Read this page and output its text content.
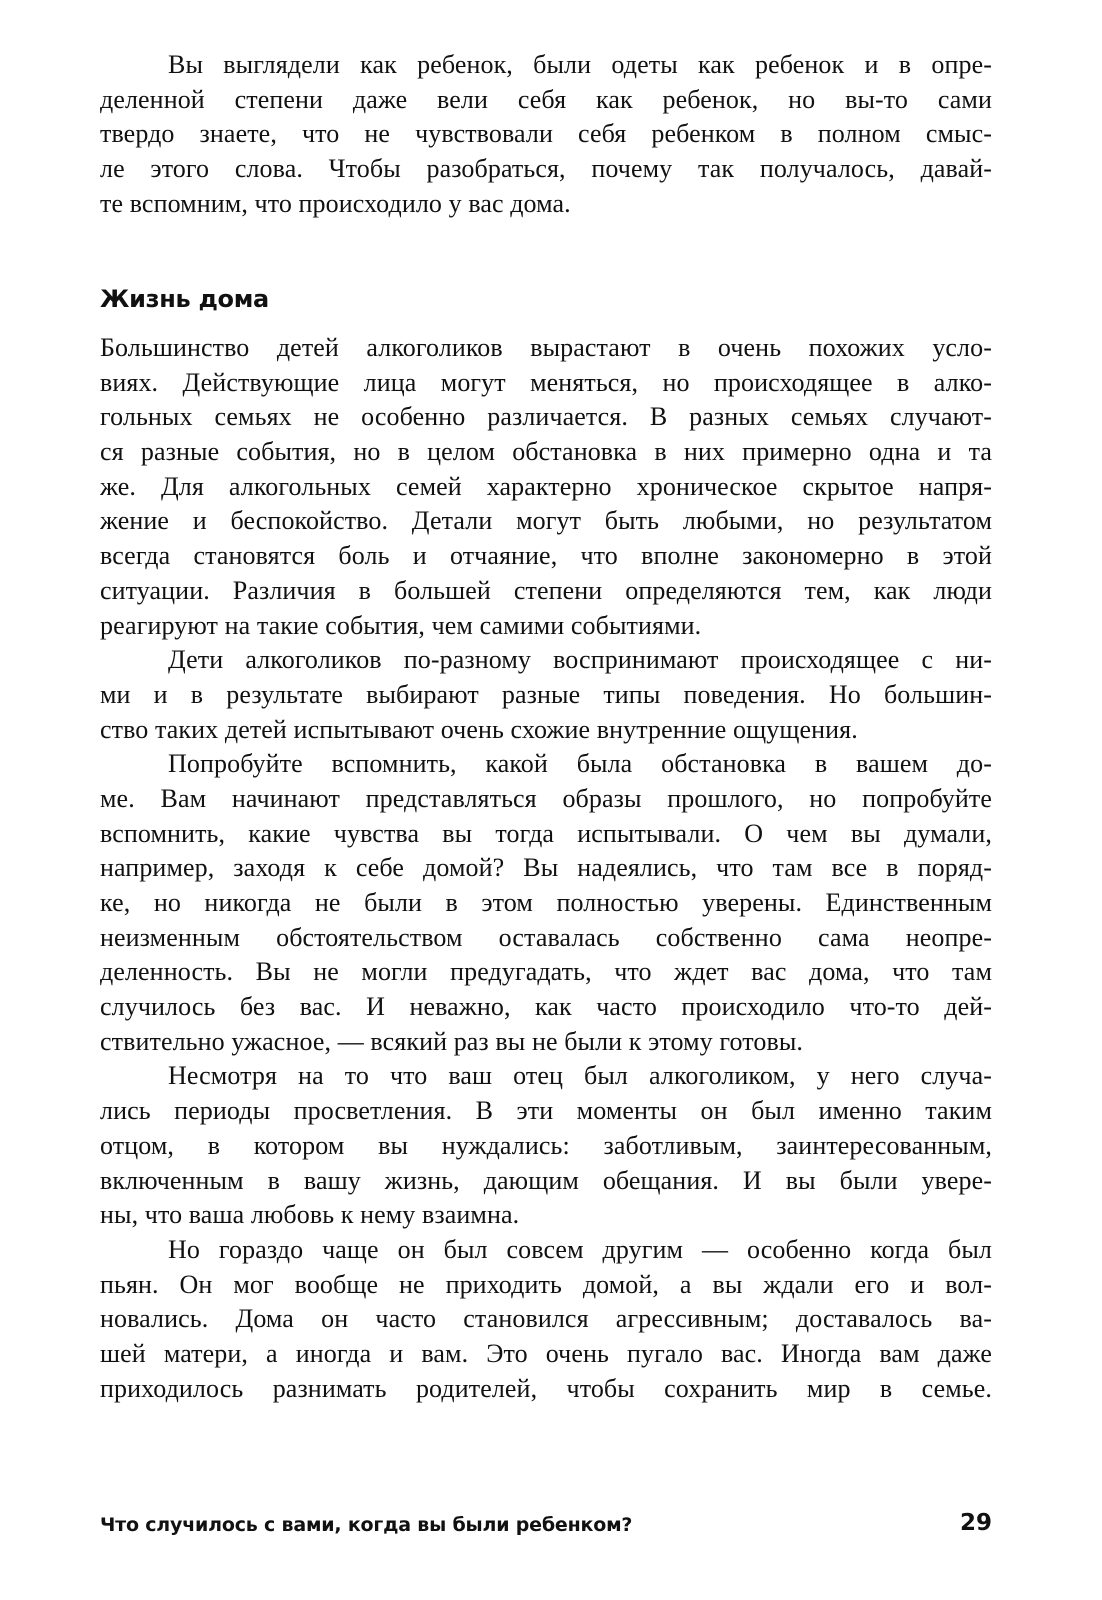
Вы выглядели как ребенок, были одеты как ребенок и в опре-
деленной степени даже вели себя как ребенок, но вы-то сами
твердо знаете, что не чувствовали себя ребенком в полном смыс-
ле этого слова. Чтобы разобраться, почему так получалось, давай-
те вспомним, что происходило у вас дома.
Жизнь дома
Большинство детей алкоголиков вырастают в очень похожих усло-
виях. Действующие лица могут меняться, но происходящее в алко-
гольных семьях не особенно различается. В разных семьях случают-
ся разные события, но в целом обстановка в них примерно одна и та
же. Для алкогольных семей характерно хроническое скрытое напря-
жение и беспокойство. Детали могут быть любыми, но результатом
всегда становятся боль и отчаяние, что вполне закономерно в этой
ситуации. Различия в большей степени определяются тем, как люди
реагируют на такие события, чем самими событиями.
Дети алкоголиков по-разному воспринимают происходящее с ни-
ми и в результате выбирают разные типы поведения. Но большин-
ство таких детей испытывают очень схожие внутренние ощущения.
Попробуйте вспомнить, какой была обстановка в вашем до-
ме. Вам начинают представляться образы прошлого, но попробуйте
вспомнить, какие чувства вы тогда испытывали. О чем вы думали,
например, заходя к себе домой? Вы надеялись, что там все в поряд-
ке, но никогда не были в этом полностью уверены. Единственным
неизменным обстоятельством оставалась собственно сама неопре-
деленность. Вы не могли предугадать, что ждет вас дома, что там
случилось без вас. И неважно, как часто происходило что-то дей-
ствительно ужасное, — всякий раз вы не были к этому готовы.
Несмотря на то что ваш отец был алкоголиком, у него случа-
лись периоды просветления. В эти моменты он был именно таким
отцом, в котором вы нуждались: заботливым, заинтересованным,
включенным в вашу жизнь, дающим обещания. И вы были увере-
ны, что ваша любовь к нему взаимна.
Но гораздо чаще он был совсем другим — особенно когда был
пьян. Он мог вообще не приходить домой, а вы ждали его и вол-
новались. Дома он часто становился агрессивным; доставалось ва-
шей матери, а иногда и вам. Это очень пугало вас. Иногда вам даже
приходилось разнимать родителей, чтобы сохранить мир в семье.
Что случилось с вами, когда вы были ребенком?	29
